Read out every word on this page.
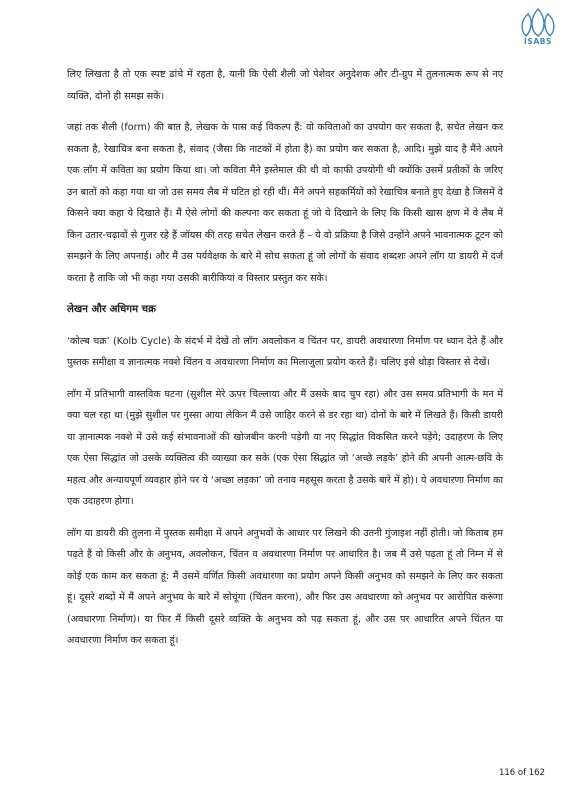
ISABS

लिए लिखता है तो एक स्पष्ट ढांचे में रहता है, यानी कि ऐसी शैली जो पेशेवर अनुदेशक और टी-ग्रुप में तुलनात्मक रूप से नए व्यक्ति, दोनों ही समझ सकें।

जहां तक शैली (form) की बात है, लेखक के पास कई विकल्प हैं: वो कविताओं का उपयोग कर सकता है, सचेत लेखन कर सकता है, रेखाचित्र बना सकता है, संवाद (जैसा कि नाटकों में होता है) का प्रयोग कर सकता है, आदि। मुझे याद है मैंने अपने एक लॉग में कविता का प्रयोग किया था। जो कविता मैंने इस्तेमाल की थी वो काफी उपयोगी थी क्योंकि उसमें प्रतीकों के जरिए उन बातों को कहा गया था जो उस समय लैब में घटित हो रही थीं। मैंने अपने सहकर्मियों को रेखाचित्र बनाते हुए देखा है जिसमें वे किसने क्या कहा ये दिखाते हैं। मैं ऐसे लोगों की कल्पना कर सकता हूं जो ये दिखाने के लिए कि किसी खास क्षण में वे लैब में किन उतार-चढ़ावों से गुजर रहे हैं जॉयस की तरह सचेत लेखन करते हैं – ये वो प्रक्रिया है जिसे उन्होंने अपने भावनात्मक टूटन को समझने के लिए अपनाई। और मैं उस पर्यवेक्षक के बारे में सोच सकता हूं जो लोगों के संवाद शब्दशः अपने लॉग या डायरी में दर्ज करता है ताकि जो भी कहा गया उसकी बारीकियां व विस्तार प्रस्तुत कर सके।

लेखन और अधिगम चक्र

‘कोल्ब चक्र’ (Kolb Cycle) के संदर्भ में देखें तो लॉग अवलोकन व चिंतन पर, डायरी अवधारणा निर्माण पर ध्यान देते हैं और पुस्तक समीक्षा व ज्ञानात्मक नक्शे चिंतन व अवधारणा निर्माण का मिलाजुला प्रयोग करते हैं। चलिए इसे थोड़ा विस्तार से देखें।

लॉग में प्रतिभागी वास्तविक घटना (सुशील मेरे ऊपर चिल्लाया और मैं उसके बाद चुप रहा) और उस समय प्रतिभागी के मन में क्या चल रहा था (मुझे सुशील पर गुस्सा आया लेकिन मैं उसे जाहिर करने से डर रहा था) दोनों के बारे में लिखते हैं। किसी डायरी या ज्ञानात्मक नक्शे में उसे कई संभावनाओं की खोजबीन करनी पड़ेगी या नए सिद्धांत विकसित करने पड़ेंगे; उदाहरण के लिए एक ऐसा सिद्धांत जो उसके व्यक्तित्व की व्याख्या कर सके (एक ऐसा सिद्धांत जो ‘अच्छे लड़के’ होने की अपनी आत्म-छवि के महत्व और अन्यायपूर्ण व्यवहार होने पर ये ‘अच्छा लड़का’ जो तनाव महसूस करता है उसके बारे में हो)। ये अवधारणा निर्माण का एक उदाहरण होगा।

लॉग या डायरी की तुलना में पुस्तक समीक्षा में अपने अनुभवों के आधार पर लिखने की उतनी गुंजाइश नहीं होती। जो किताब हम पढ़ते हैं वो किसी और के अनुभव, अवलोकन, चिंतन व अवधारणा निर्माण पर आधारित है। जब मैं उसे पढ़ता हूं तो निम्न में से कोई एक काम कर सकता हूं: मैं उसमें वर्णित किसी अवधारणा का प्रयोग अपने किसी अनुभव को समझने के लिए कर सकता हूं। दूसरे शब्दों में मैं अपने अनुभव के बारे में सोचूंगा (चिंतन करना), और फिर उस अवधारणा को अनुभव पर आरोपित करूंगा (अवधारणा निर्माण)। या फिर मैं किसी दूसरे व्यक्ति के अनुभव को पढ़ सकता हूं, और उस पर आधारित अपने चिंतन या अवधारणा निर्माण कर सकता हूं।

116 of 162
